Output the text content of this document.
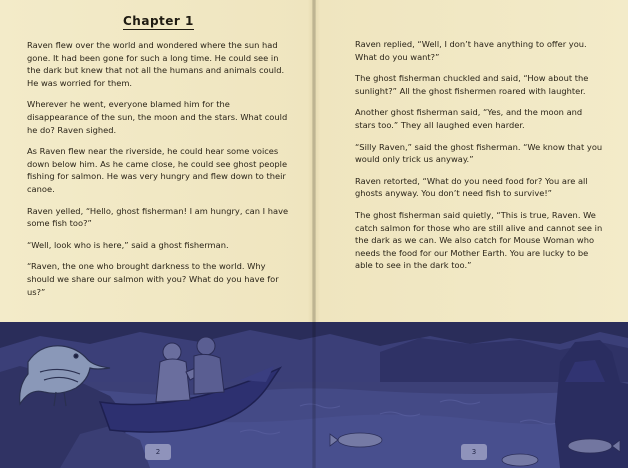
Chapter 1

Raven flew over the world and wondered where the sun had gone. It had been gone for such a long time. He could see in the dark but knew that not all the humans and animals could. He was worried for them.

Wherever he went, everyone blamed him for the disappearance of the sun, the moon and the stars. What could he do? Raven sighed.

As Raven flew near the riverside, he could hear some voices down below him. As he came close, he could see ghost people fishing for salmon. He was very hungry and flew down to their canoe.

Raven yelled, “Hello, ghost fisherman! I am hungry, can I have some fish too?”

“Well, look who is here,” said a ghost fisherman.

“Raven, the one who brought darkness to the world. Why should we share our salmon with you? What do you have for us?”

Raven replied, “Well, I don’t have anything to offer you. What do you want?”

The ghost fisherman chuckled and said, “How about the sunlight?” All the ghost fishermen roared with laughter.

Another ghost fisherman said, “Yes, and the moon and stars too.” They all laughed even harder.

“Silly Raven,” said the ghost fisherman. “We know that you would only trick us anyway.”

Raven retorted, “What do you need food for? You are all ghosts anyway. You don’t need fish to survive!”

The ghost fisherman said quietly, “This is true, Raven. We catch salmon for those who are still alive and cannot see in the dark as we can. We also catch for Mouse Woman who needs the food for our Mother Earth. You are lucky to be able to see in the dark too.”

2	3
